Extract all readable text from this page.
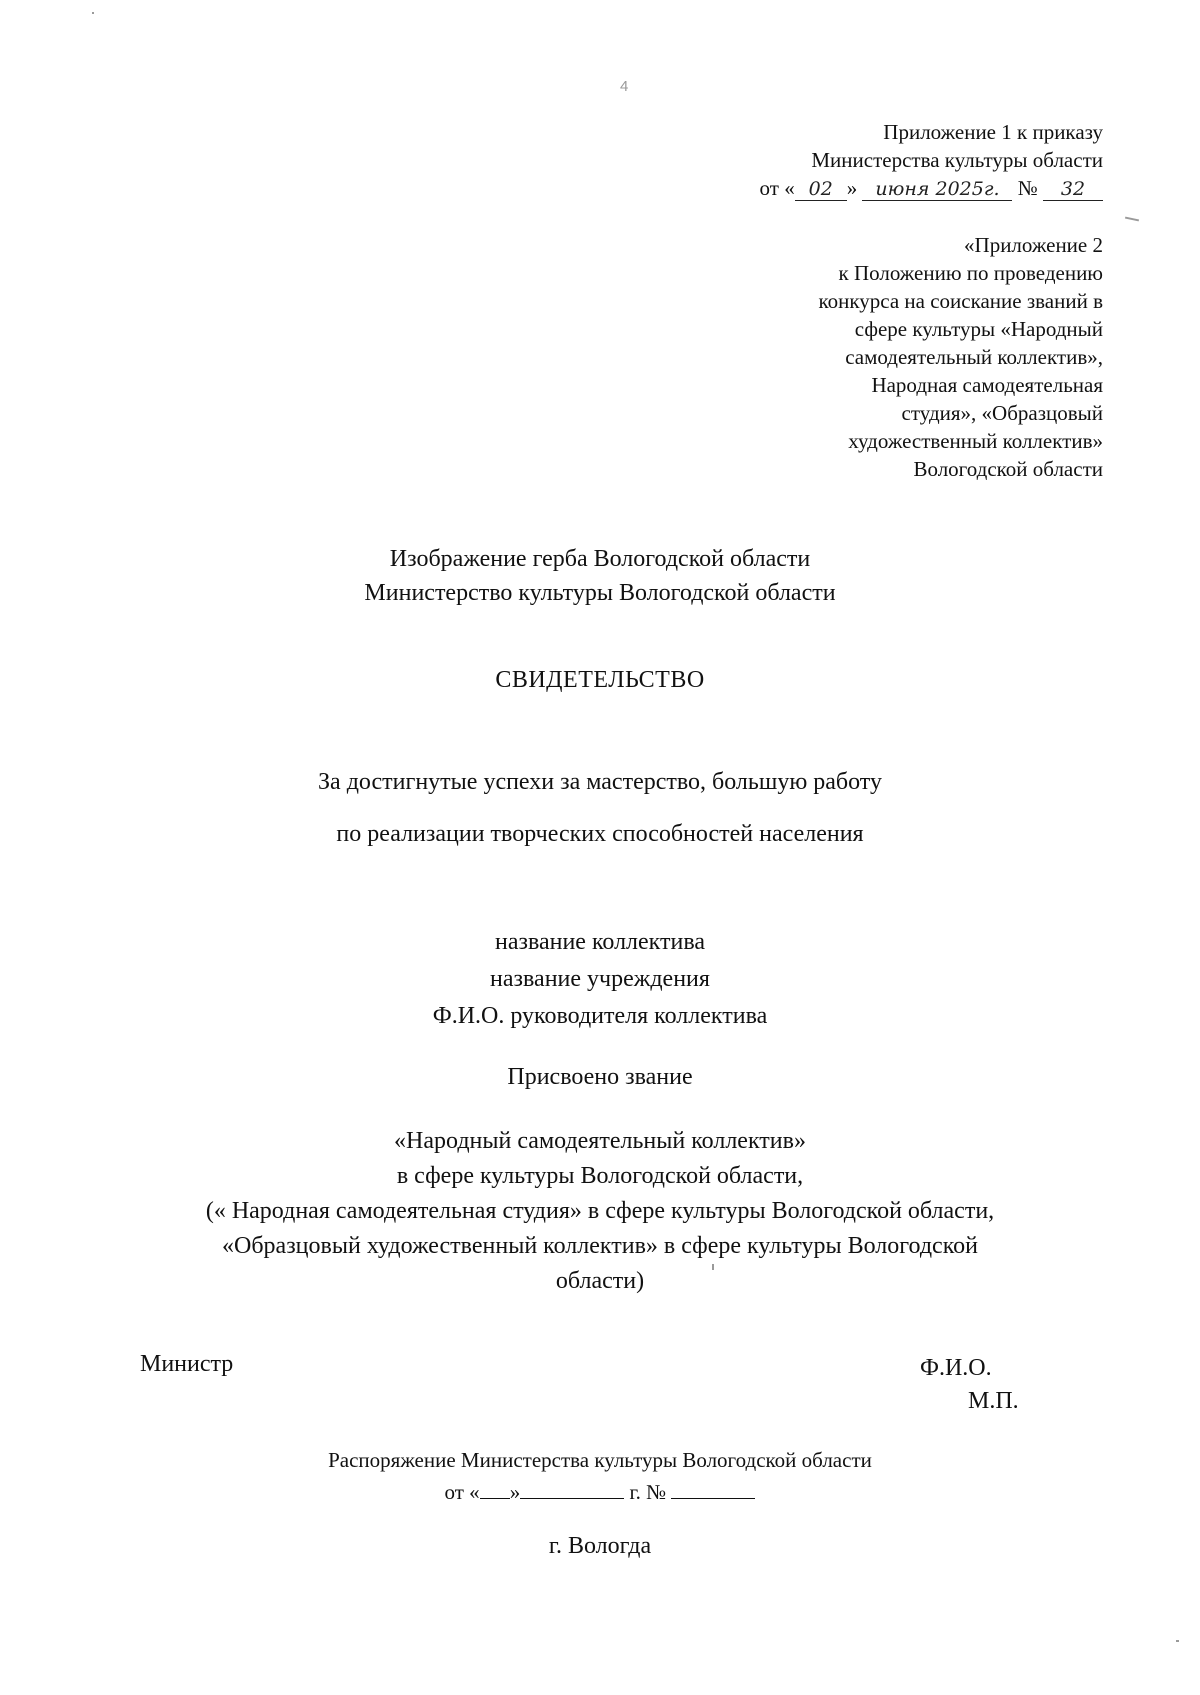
4
Приложение 1 к приказу
Министерства культуры области
от « 02 » июня 2025г. № 32
«Приложение 2
к Положению по проведению
конкурса на соискание званий в
сфере культуры «Народный
самодеятельный коллектив»,
Народная самодеятельная
студия», «Образцовый
художественный коллектив»
Вологодской области
Изображение герба Вологодской области
Министерство культуры Вологодской области
СВИДЕТЕЛЬСТВО
За достигнутые успехи за мастерство, большую работу
по реализации творческих способностей населения
название коллектива
название учреждения
Ф.И.О. руководителя коллектива
Присвоено звание
«Народный самодеятельный коллектив»
в сфере культуры Вологодской области,
(« Народная самодеятельная студия» в сфере культуры Вологодской области,
«Образцовый художественный коллектив» в сфере культуры Вологодской
области)
Министр	Ф.И.О.
М.П.
Распоряжение Министерства культуры Вологодской области
от « »	г. №
г. Вологда
